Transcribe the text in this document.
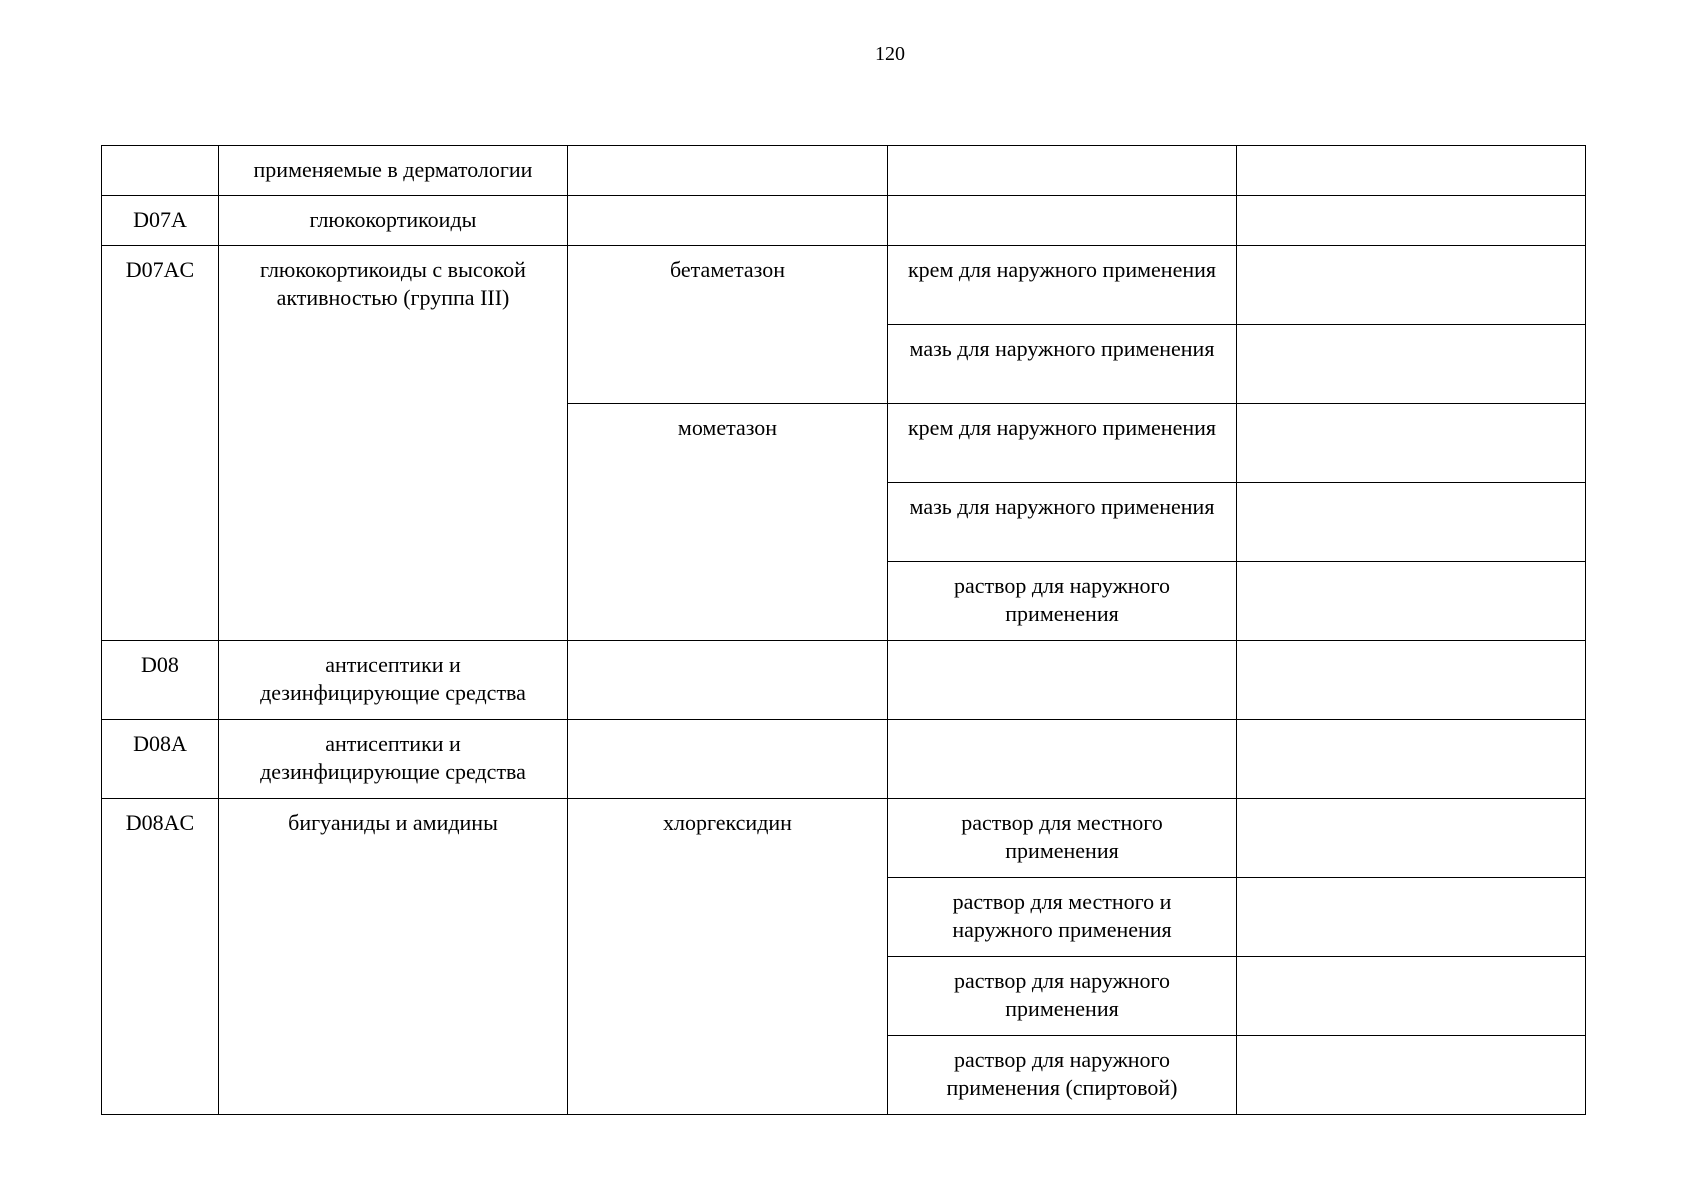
120
	применяемые в дерматологии			
D07A	глюкокортикоиды			
D07AC	глюкокортикоиды с высокой активностью (группа III)	бетаметазон	крем для наружного применения	
			мазь для наружного применения	
		мометазон	крем для наружного применения	
			мазь для наружного применения	
			раствор для наружного применения	
D08	антисептики и дезинфицирующие средства			
D08A	антисептики и дезинфицирующие средства			
D08AC	бигуаниды и амидины	хлоргексидин	раствор для местного применения	
			раствор для местного и наружного применения	
			раствор для наружного применения	
			раствор для наружного применения (спиртовой)	
